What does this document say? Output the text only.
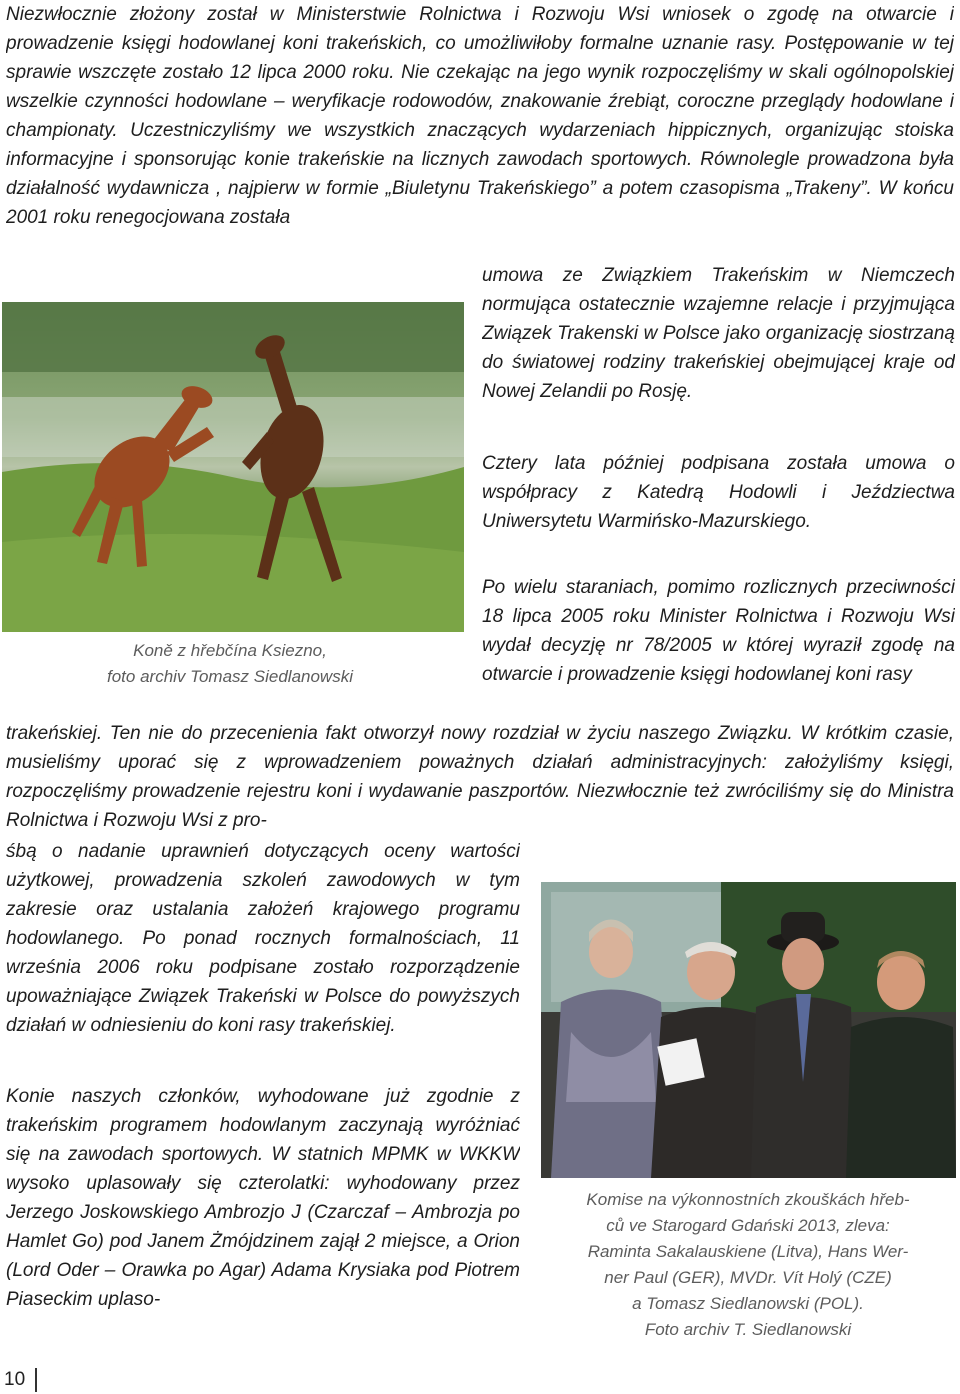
Niezwłocznie złożony został w Ministerstwie Rolnictwa i Rozwoju Wsi wniosek o zgodę na otwarcie i prowadzenie księgi hodowlanej koni trakeńskich, co umożliwiłoby formalne uznanie rasy. Postępowanie w tej sprawie wszczęte zostało 12 lipca 2000 roku. Nie czekając na jego wynik rozpoczęliśmy w skali ogólnopolskiej wszelkie czynności hodowlane – weryfikacje rodowodów, znakowanie źrebiąt, coroczne przeglądy hodowlane i championaty. Uczestniczyliśmy we wszystkich znaczących wydarzeniach hippicznych, organizując stoiska informacyjne i sponsorując konie trakeńskie na licznych zawodach sportowych. Równolegle prowadzona była działalność wydawnicza , najpierw w formie „Biuletynu Trakeńskiego” a potem czasopisma „Trakeny”. W końcu 2001 roku renegocjowana została

umowa ze Związkiem Trakeńskim w Niemczech normująca ostatecznie wzajemne relacje i przyjmująca Związek Trakenski w Polsce jako organizację siostrzaną do światowej rodziny trakeńskiej obejmującej kraje od Nowej Zelandii po Rosję.

Cztery lata później podpisana została umowa o współpracy z Katedrą Hodowli i Jeździectwa Uniwersytetu Warmińsko-Mazurskiego.

Po wielu staraniach, pomimo rozlicznych przeciwności 18 lipca 2005 roku Minister Rolnictwa i Rozwoju Wsi wydał decyzję nr 78/2005 w której wyraził zgodę na otwarcie i prowadzenie księgi hodowlanej koni rasy

Koně z hřebčína Ksiezno,
foto archiv Tomasz Siedlanowski

trakeńskiej. Ten nie do przecenienia fakt otworzył nowy rozdział w życiu naszego Związku. W krótkim czasie, musieliśmy uporać się z wprowadzeniem poważnych działań administracyjnych: założyliśmy księgi, rozpoczęliśmy prowadzenie rejestru koni i wydawanie paszportów. Niezwłocznie też zwróciliśmy się do Ministra Rolnictwa i Rozwoju Wsi z pro-

śbą o nadanie uprawnień dotyczących oceny wartości użytkowej, prowadzenia szkoleń zawodowych w tym zakresie oraz ustalania założeń krajowego programu hodowlanego. Po ponad rocznych formalnościach, 11 września 2006 roku podpisane zostało rozporządzenie upoważniające Związek Trakeński w Polsce do powyższych działań w odniesieniu do koni rasy trakeńskiej.

Konie naszych członków, wyhodowane już zgodnie z trakeńskim programem hodowlanym zaczynają wyróżniać się na zawodach sportowych. W statnich MPMK w WKKW wysoko uplasowały się czterolatki: wyhodowany przez Jerzego Joskowskiego Ambrozjo J (Czarczaf – Ambrozja po Hamlet Go) pod Janem Żmójdzinem zajął 2 miejsce, a Orion (Lord Oder – Orawka po Agar) Adama Krysiaka pod Piotrem Piaseckim uplaso-

Komise na výkonnostních zkouškách hřeb-
ců ve Starogard Gdański 2013, zleva:
Raminta Sakalauskiene (Litva), Hans Wer-
ner Paul (GER), MVDr. Vít Holý (CZE)
a Tomasz Siedlanowski (POL).
Foto archiv T. Siedlanowski
10
